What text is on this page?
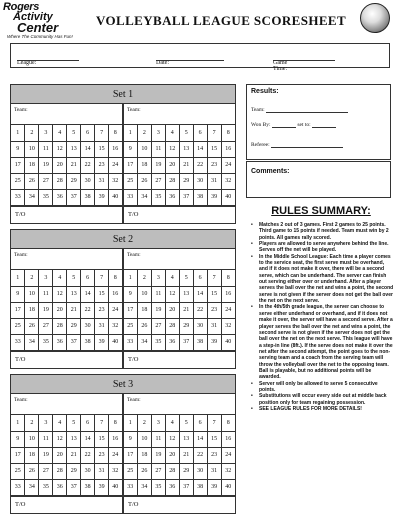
Rogers
Activity
Center
Where The Community Has Fun!
VOLLEYBALL LEAGUE SCORESHEET
League:	Date:	Game Time:
Set 1
Team:	Team:
1	2	3	4	5	6	7	8
9	10	11	12	13	14	15	16
17	18	19	20	21	22	23	24
25	26	27	28	29	30	31	32
33	34	35	36	37	38	39	40
1	2	3	4	5	6	7	8
9	10	11	12	13	14	15	16
17	18	19	20	21	22	23	24
25	26	27	28	29	30	31	32
33	34	35	36	37	38	39	40
T/O	T/O
Set 2
Team:	Team:
1	2	3	4	5	6	7	8
9	10	11	12	13	14	15	16
17	18	19	20	21	22	23	24
25	26	27	28	29	30	31	32
33	34	35	36	37	38	39	40
1	2	3	4	5	6	7	8
9	10	11	12	13	14	15	16
17	18	19	20	21	22	23	24
25	26	27	28	29	30	31	32
33	34	35	36	37	38	39	40
T/O	T/O
Set 3
Team:	Team:
1	2	3	4	5	6	7	8
9	10	11	12	13	14	15	16
17	18	19	20	21	22	23	24
25	26	27	28	29	30	31	32
33	34	35	36	37	38	39	40
1	2	3	4	5	6	7	8
9	10	11	12	13	14	15	16
17	18	19	20	21	22	23	24
25	26	27	28	29	30	31	32
33	34	35	36	37	38	39	40
T/O	T/O
Results:
Team:
Won By:	set to:
Referee:
Comments:
RULES SUMMARY:
• Matches 2 out of 3 games. First 2 games to 25 points. Third game to 15 points if needed. Team must win by 2 points. All games rally scored.
• Players are allowed to serve anywhere behind the line. Serves off the net will be played.
• In the Middle School League: Each time a player comes to the service seat, the first serve must be overhand, and if it does not make it over, there will be a second serve, which can be underhand. The server can finish out serving either over or underhand. After a player serves the ball over the net and wins a point, the second serve is not given if the server does not get the ball over the net on the next serve.
• In the 4th/5th grade league, the server can choose to serve either underhand or overhand, and if it does not make it over, the server will have a second serve. After a player serves the ball over the net and wins a point, the second serve is not given if the server does not get the ball over the net on the next serve. This league will have a step-in line (8ft.). If the serve does not make it over the net after the second attempt, the point goes to the non-serving team and a coach from the serving team will throw the volleyball over the net to the opposing team. Ball is playable, but no additional points will be awarded.
• Server will only be allowed to serve 5 consecutive points.
• Substitutions will occur every side out at middle back position only for team regaining possession.
• SEE LEAGUE RULES FOR MORE DETAILS!
